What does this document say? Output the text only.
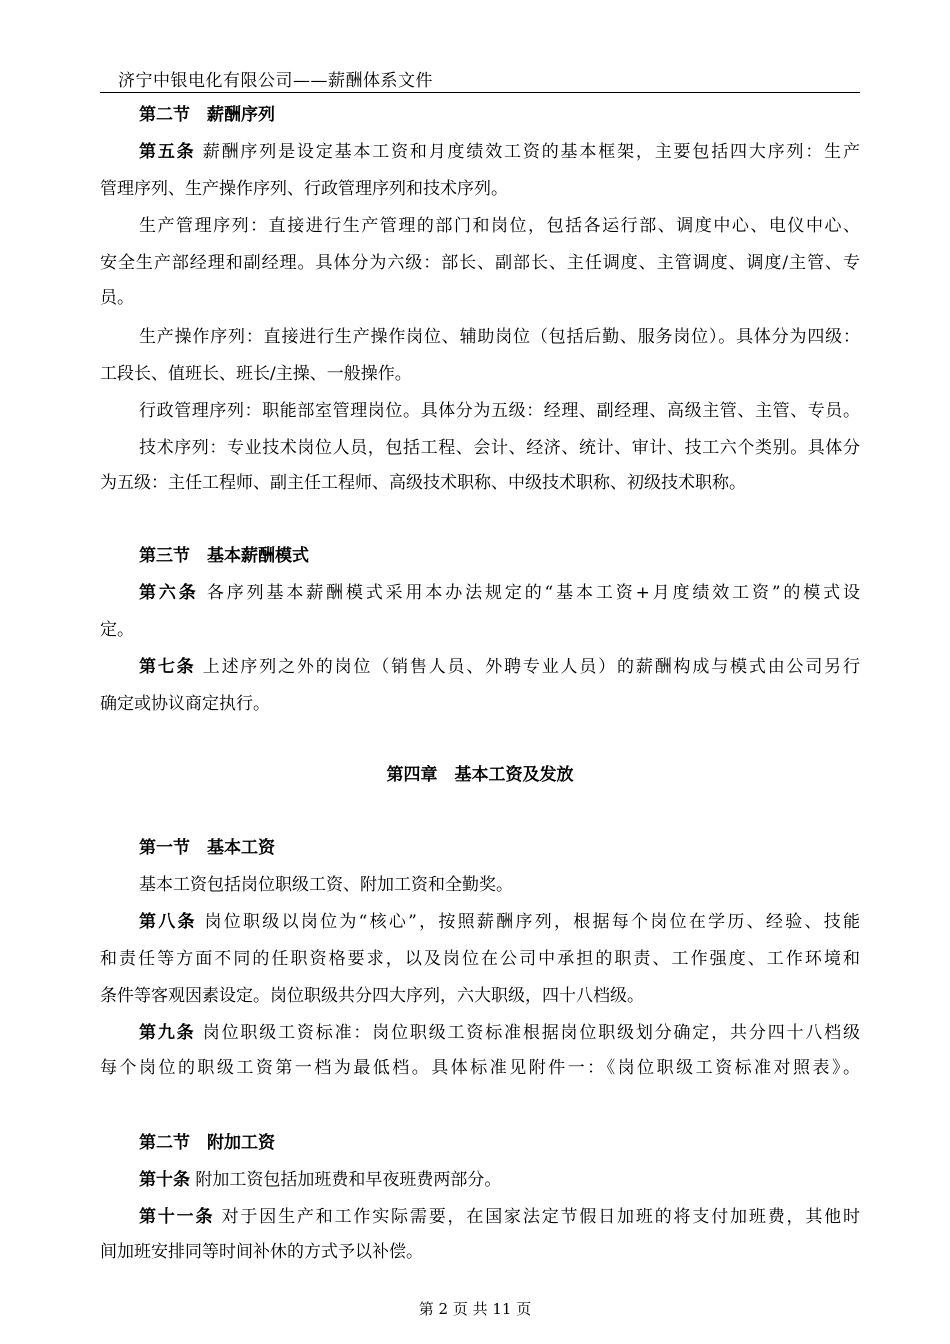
济宁中银电化有限公司——薪酬体系文件
第二节　薪酬序列
第五条 薪酬序列是设定基本工资和月度绩效工资的基本框架，主要包括四大序列：生产
管理序列、生产操作序列、行政管理序列和技术序列。
生产管理序列：直接进行生产管理的部门和岗位，包括各运行部、调度中心、电仪中心、
安全生产部经理和副经理。具体分为六级：部长、副部长、主任调度、主管调度、调度/主管、专
员。
生产操作序列：直接进行生产操作岗位、辅助岗位（包括后勤、服务岗位）。具体分为四级：
工段长、值班长、班长/主操、一般操作。
行政管理序列：职能部室管理岗位。具体分为五级：经理、副经理、高级主管、主管、专员。
技术序列：专业技术岗位人员，包括工程、会计、经济、统计、审计、技工六个类别。具体分
为五级：主任工程师、副主任工程师、高级技术职称、中级技术职称、初级技术职称。
第三节　基本薪酬模式
第六条 各序列基本薪酬模式采用本办法规定的“基本工资+月度绩效工资”的模式设
定。
第七条 上述序列之外的岗位（销售人员、外聘专业人员）的薪酬构成与模式由公司另行
确定或协议商定执行。
第四章　基本工资及发放
第一节　基本工资
基本工资包括岗位职级工资、附加工资和全勤奖。
第八条 岗位职级以岗位为“核心”，按照薪酬序列，根据每个岗位在学历、经验、技能
和责任等方面不同的任职资格要求，以及岗位在公司中承担的职责、工作强度、工作环境和
条件等客观因素设定。岗位职级共分四大序列，六大职级，四十八档级。
第九条 岗位职级工资标准：岗位职级工资标准根据岗位职级划分确定，共分四十八档级
每个岗位的职级工资第一档为最低档。具体标准见附件一：《岗位职级工资标准对照表》。
第二节　附加工资
第十条 附加工资包括加班费和早夜班费两部分。
第十一条 对于因生产和工作实际需要，在国家法定节假日加班的将支付加班费，其他时
间加班安排同等时间补休的方式予以补偿。
第 2 页 共 11 页
